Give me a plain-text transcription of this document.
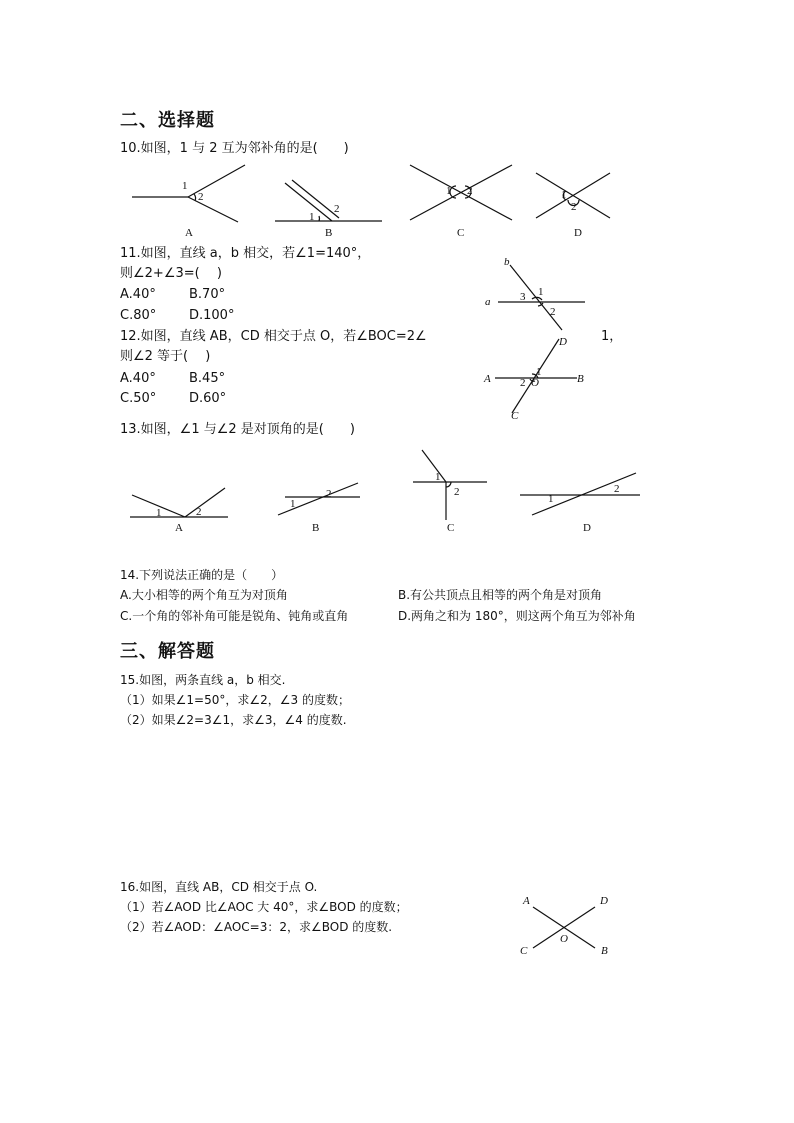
二、选择题
10.如图，1 与 2 互为邻补角的是(　　)
1
2
A
1
2
B
1 2
C
1
2
D
11.如图，直线 a，b 相交，若∠1=140°，
则∠2+∠3=(　 )
A.40°	B.70°
C.80°	D.100°
b
a
1
3
2
12.如图，直线 AB，CD 相交于点 O，若∠BOC=2∠	1，
则∠2 等于(　 )
A.40°	B.45°
C.50°	D.60°
D
A	B
O
1
2
C
13.如图，∠1 与∠2 是对顶角的是(　　)
1	2
A
1
2
B
1
2
C
1
2
D
14.下列说法正确的是（　　）
A.大小相等的两个角互为对顶角	B.有公共顶点且相等的两个角是对顶角
C.一个角的邻补角可能是锐角、钝角或直角	D.两角之和为 180°，则这两个角互为邻补角
三、解答题
15.如图，两条直线 a，b 相交.
（1）如果∠1=50°，求∠2，∠3 的度数；
（2）如果∠2=3∠1，求∠3，∠4 的度数.
16.如图，直线 AB，CD 相交于点 O.
（1）若∠AOD 比∠AOC 大 40°，求∠BOD 的度数；
（2）若∠AOD：∠AOC=3：2，求∠BOD 的度数.
A	D
O
C	B
